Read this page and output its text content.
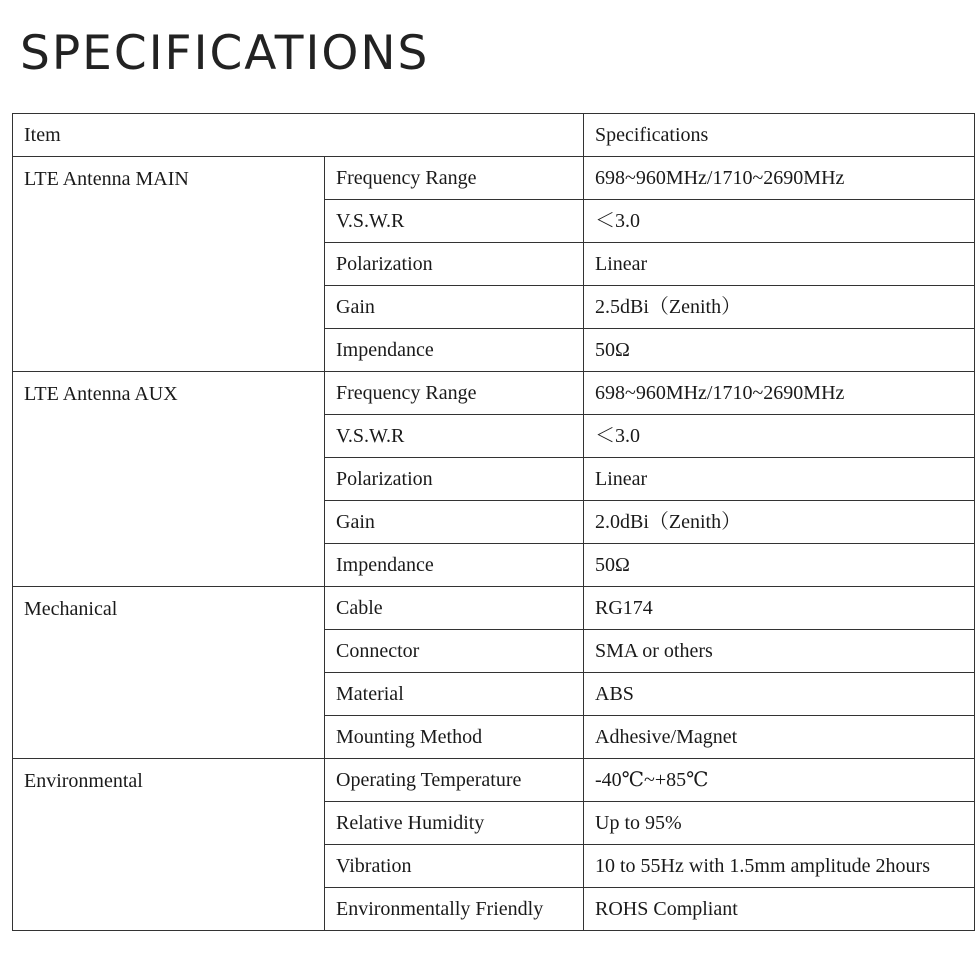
SPECIFICATIONS
Item		Specifications
LTE Antenna MAIN	Frequency Range	698~960MHz/1710~2690MHz
	V.S.W.R	＜3.0
	Polarization	Linear
	Gain	2.5dBi（Zenith）
	Impendance	50Ω
LTE Antenna AUX	Frequency Range	698~960MHz/1710~2690MHz
	V.S.W.R	＜3.0
	Polarization	Linear
	Gain	2.0dBi（Zenith）
	Impendance	50Ω
Mechanical	Cable	RG174
	Connector	SMA or others
	Material	ABS
	Mounting Method	Adhesive/Magnet
Environmental	Operating Temperature	-40℃~+85℃
	Relative Humidity	Up to 95%
	Vibration	10 to 55Hz with 1.5mm amplitude 2hours
	Environmentally Friendly	ROHS Compliant
